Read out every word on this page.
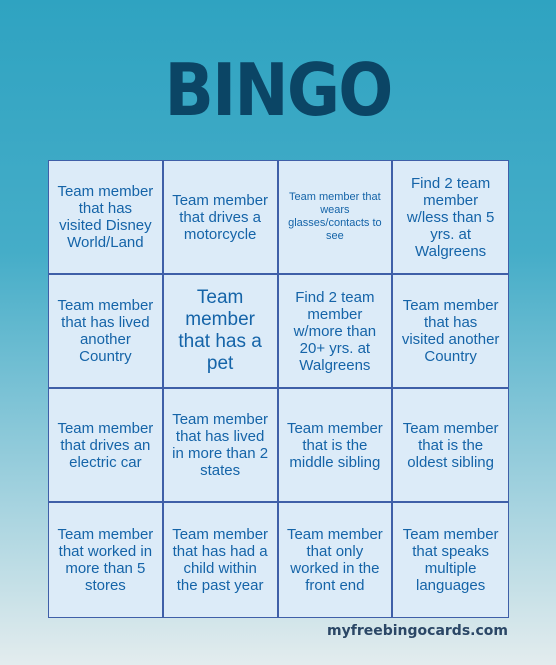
BINGO
Team member that has visited Disney World/Land
Team member that drives a motorcycle
Team member that wears glasses/contacts to see
Find 2 team member w/less than 5 yrs. at Walgreens
Team member that has lived another Country
Team member that has a pet
Find 2 team member w/more than 20+ yrs. at Walgreens
Team member that has visited another Country
Team member that drives an electric car
Team member that has lived in more than 2 states
Team member that is the middle sibling
Team member that is the oldest sibling
Team member that worked in more than 5 stores
Team member that has had a child within the past year
Team member that only worked in the front end
Team member that speaks multiple languages
myfreebingocards.com
